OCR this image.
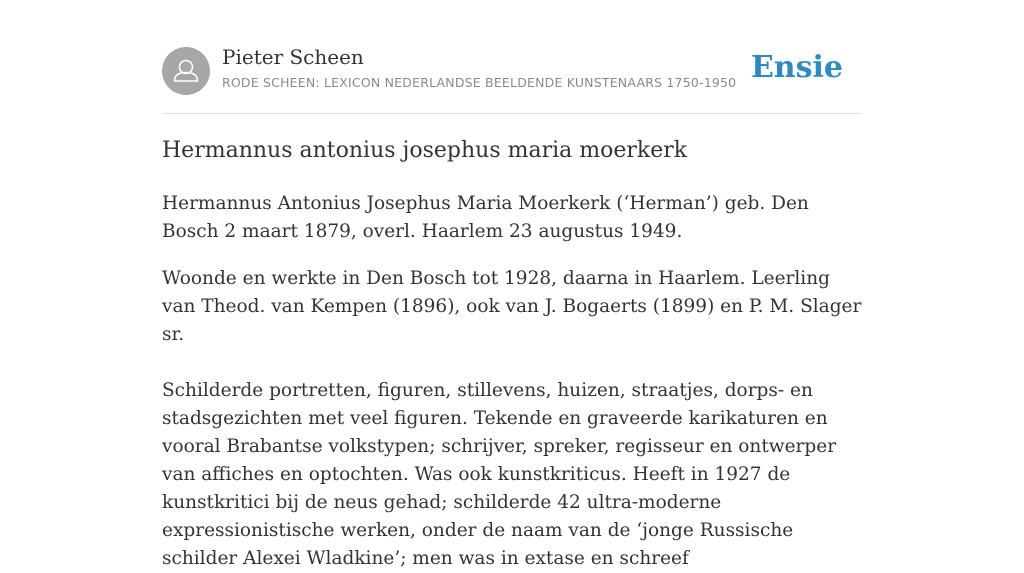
Pieter Scheen
RODE SCHEEN: LEXICON NEDERLANDSE BEELDENDE KUNSTENAARS 1750-1950 Ensie
Hermannus antonius josephus maria moerkerk

Hermannus Antonius Josephus Maria Moerkerk (‘Herman’) geb. Den Bosch 2 maart 1879, overl. Haarlem 23 augustus 1949.

Woonde en werkte in Den Bosch tot 1928, daarna in Haarlem. Leerling van Theod. van Kempen (1896), ook van J. Bogaerts (1899) en P. M. Slager sr.

Schilderde portretten, figuren, stillevens, huizen, straatjes, dorps- en stadsgezichten met veel figuren. Tekende en graveerde karikaturen en vooral Brabantse volkstypen; schrijver, spreker, regisseur en ontwerper van affiches en optochten. Was ook kunstkriticus. Heeft in 1927 de kunstkritici bij de neus gehad; schilderde 42 ultra-moderne expressionistische werken, onder de naam van de ‘jonge Russische schilder Alexei Wladkine’; men was in extase en schreef
